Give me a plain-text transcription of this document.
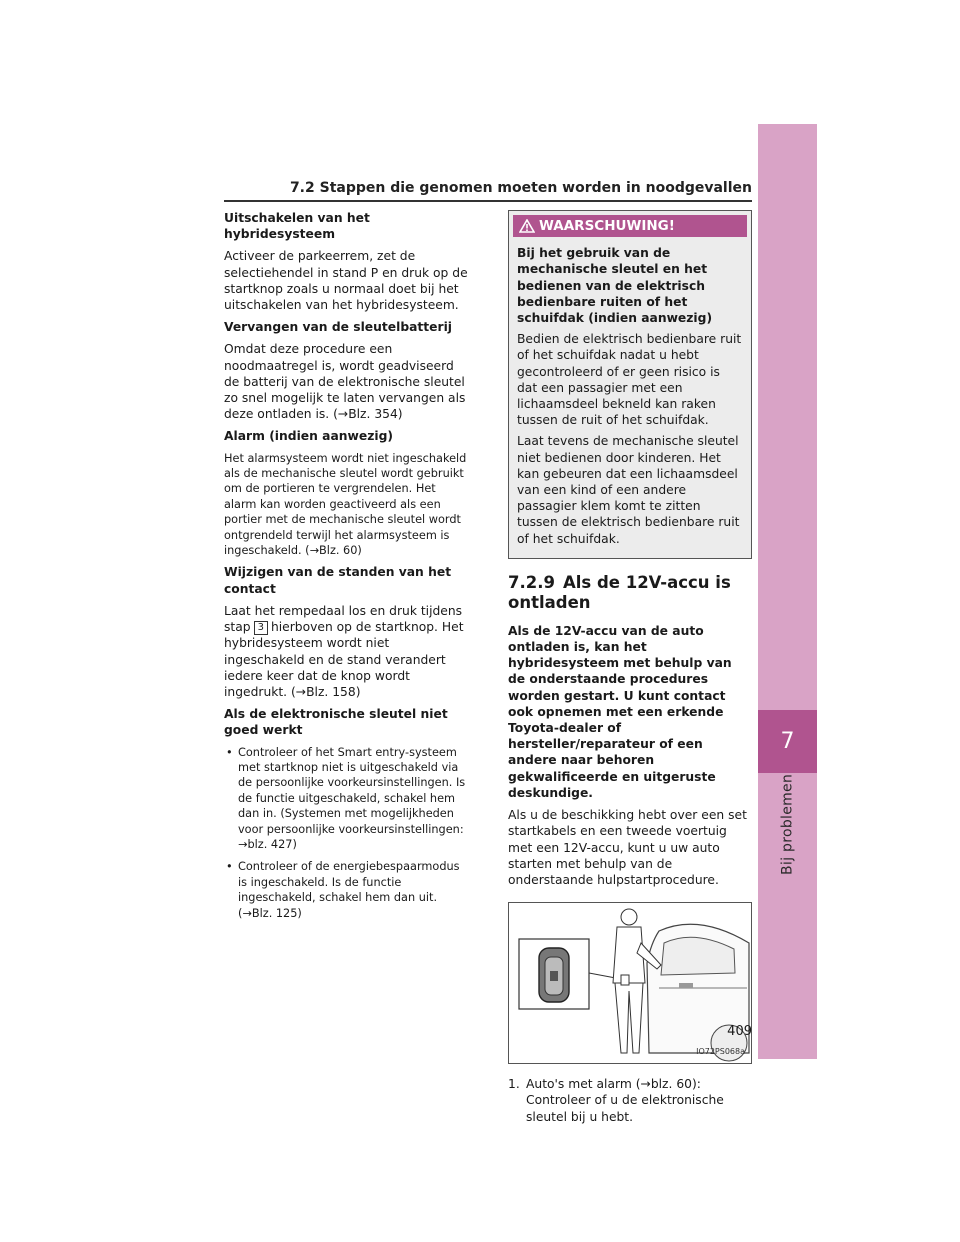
7
Bij problemen
7.2 Stappen die genomen moeten worden in noodgevallen
Uitschakelen van het hybridesysteem

Activeer de parkeerrem, zet de selectiehendel in stand P en druk op de startknop zoals u normaal doet bij het uitschakelen van het hybridesysteem.

Vervangen van de sleutelbatterij

Omdat deze procedure een noodmaatregel is, wordt geadviseerd de batterij van de elektronische sleutel zo snel mogelijk te laten vervangen als deze ontladen is. (→Blz. 354)

Alarm (indien aanwezig)

Het alarmsysteem wordt niet ingeschakeld als de mechanische sleutel wordt gebruikt om de portieren te vergrendelen. Het alarm kan worden geactiveerd als een portier met de mechanische sleutel wordt ontgrendeld terwijl het alarmsysteem is ingeschakeld. (→Blz. 60)

Wijzigen van de standen van het contact

Laat het rempedaal los en druk tijdens stap 3 hierboven op de startknop. Het hybridesysteem wordt niet ingeschakeld en de stand verandert iedere keer dat de knop wordt ingedrukt. (→Blz. 158)

Als de elektronische sleutel niet goed werkt
• Controleer of het Smart entry-systeem met startknop niet is uitgeschakeld via de persoonlijke voorkeursinstellingen. Is de functie uitgeschakeld, schakel hem dan in. (Systemen met mogelijkheden voor persoonlijke voorkeursinstellingen: →blz. 427)
• Controleer of de energiebespaarmodus is ingeschakeld. Is de functie ingeschakeld, schakel hem dan uit. (→Blz. 125)
WAARSCHUWING!

Bij het gebruik van de mechanische sleutel en het bedienen van de elektrisch bedienbare ruiten of het schuifdak (indien aanwezig)

Bedien de elektrisch bedienbare ruit of het schuifdak nadat u hebt gecontroleerd of er geen risico is dat een passagier met een lichaamsdeel bekneld kan raken tussen de ruit of het schuifdak.

Laat tevens de mechanische sleutel niet bedienen door kinderen. Het kan gebeuren dat een lichaamsdeel van een kind of een andere passagier klem komt te zitten tussen de elektrisch bedienbare ruit of het schuifdak.

7.2.9 Als de 12V-accu is ontladen

Als de 12V-accu van de auto ontladen is, kan het hybridesysteem met behulp van de onderstaande procedures worden gestart. U kunt contact ook opnemen met een erkende Toyota-dealer of hersteller/reparateur of een andere naar behoren gekwalificeerde en uitgeruste deskundige.

Als u de beschikking hebt over een set startkabels en een tweede voertuig met een 12V-accu, kunt u uw auto starten met behulp van de onderstaande hulpstartprocedure.

IO72PS068a
1. Auto's met alarm (→blz. 60): Controleer of u de elektronische sleutel bij u hebt.
409
